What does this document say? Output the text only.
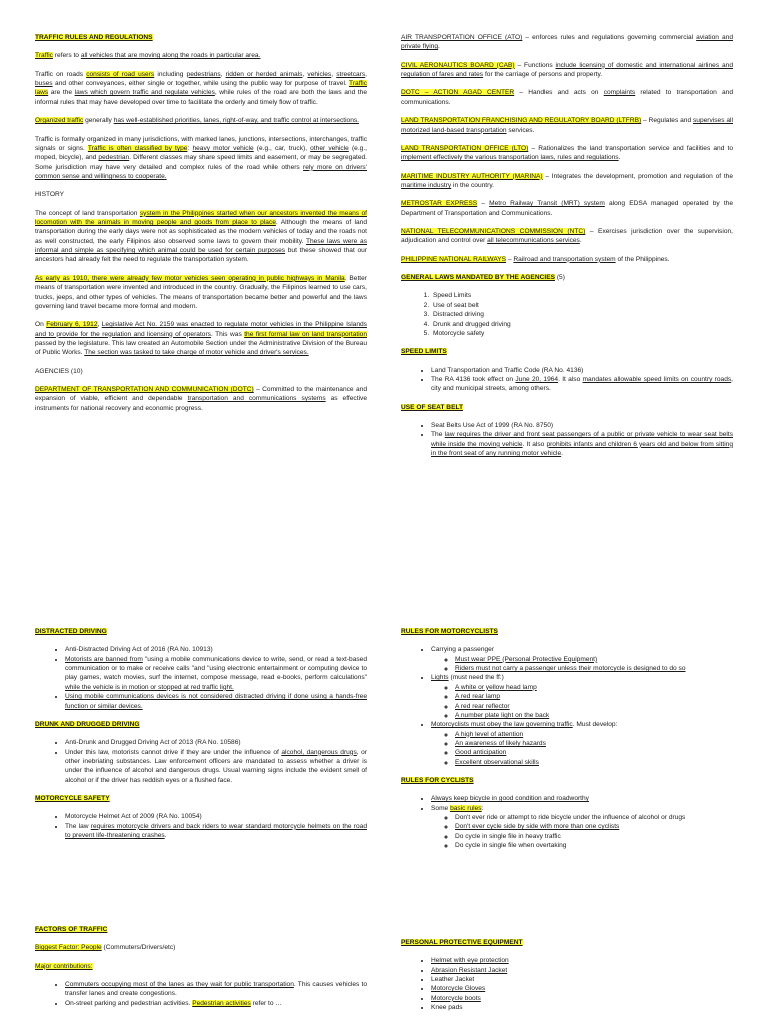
TRAFFIC RULES AND REGULATIONS

Traffic refers to all vehicles that are moving along the roads in particular area.

Traffic on roads consists of road users including pedestrians, ridden or herded animals, vehicles, streetcars, buses and other conveyances, either single or together, while using the public way for purpose of travel. Traffic laws are the laws which govern traffic and regulate vehicles, while rules of the road are both the laws and the informal rules that may have developed over time to facilitate the orderly and timely flow of traffic.

Organized traffic generally has well-established priorities, lanes, right-of-way, and traffic control at intersections.

Traffic is formally organized in many jurisdictions, with marked lanes, junctions, intersections, interchanges, traffic signals or signs. Traffic is often classified by type: heavy motor vehicle (e.g., car, truck), other vehicle (e.g., moped, bicycle), and pedestrian. Different classes may share speed limits and easement, or may be segregated. Some jurisdiction may have very detailed and complex rules of the road while others rely more on drivers' common sense and willingness to cooperate.

HISTORY

The concept of land transportation system in the Philippines started when our ancestors invented the means of locomotion with the animals in moving people and goods from place to place. Although the means of land transportation during the early days were not as sophisticated as the modern vehicles of today and the roads not as well constructed, the early Filipinos also observed some laws to govern their mobility. These laws were as informal and simple as specifying which animal could be used for certain purposes but these showed that our ancestors had already felt the need to regulate the transportation system.

As early as 1910, there were already few motor vehicles seen operating in public highways in Manila. Better means of transportation were invented and introduced in the country. Gradually, the Filipinos learned to use cars, trucks, jeeps, and other types of vehicles. The means of transportation became better and powerful and the laws governing land travel became more formal and modern.

On February 6, 1912, Legislative Act No. 2159 was enacted to regulate motor vehicles in the Philippine Islands and to provide for the regulation and licensing of operators. This was the first formal law on land transportation passed by the legislature. This law created an Automobile Section under the Administrative Division of the Bureau of Public Works. The section was tasked to take charge of motor vehicle and driver's services.

AGENCIES (10)

DEPARTMENT OF TRANSPORTATION AND COMMUNICATION (DOTC) – Committed to the maintenance and expansion of viable, efficient and dependable transportation and communications systems as effective instruments for national recovery and economic progress.

AIR TRANSPORTATION OFFICE (ATO) – enforces rules and regulations governing commercial aviation and private flying.

CIVIL AERONAUTICS BOARD (CAB) – Functions include licensing of domestic and international airlines and regulation of fares and rates for the carriage of persons and property.

DOTC – ACTION AGAD CENTER – Handles and acts on complaints related to transportation and communications.

LAND TRANSPORTATION FRANCHISING AND REGULATORY BOARD (LTFRB) – Regulates and supervises all motorized land-based transportation services.

LAND TRANSPORTATION OFFICE (LTO) – Rationalizes the land transportation service and facilities and to implement effectively the various transportation laws, rules and regulations.

MARITIME INDUSTRY AUTHORITY (MARINA) – Integrates the development, promotion and regulation of the maritime industry in the country.

METROSTAR EXPRESS – Metro Railway Transit (MRT) system along EDSA managed operated by the Department of Transportation and Communications.

NATIONAL TELECOMMUNICATIONS COMMISSION (NTC) – Exercises jurisdiction over the supervision, adjudication and control over all telecommunications services.

PHILIPPINE NATIONAL RAILWAYS – Railroad and transportation system of the Philippines.

GENERAL LAWS MANDATED BY THE AGENCIES (5)
1. Speed Limits
2. Use of seat belt
3. Distracted driving
4. Drunk and drugged driving
5. Motorcycle safety
SPEED LIMITS
• Land Transportation and Traffic Code (RA No. 4136)
• The RA 4136 took effect on June 20, 1964. It also mandates allowable speed limits on country roads, city and municipal streets, among others.
USE OF SEAT BELT
• Seat Belts Use Act of 1999 (RA No. 8750)
• The law requires the driver and front seat passengers of a public or private vehicle to wear seat belts while inside the moving vehicle. It also prohibits infants and children 6 years old and below from sitting in the front seat of any running motor vehicle.
DISTRACTED DRIVING
• Anti-Distracted Driving Act of 2016 (RA No. 10913)
• Motorists are banned from "using a mobile communications device to write, send, or read a text-based communication or to make or receive calls "and "using electronic entertainment or computing device to play games, watch movies, surf the internet, compose message, read e-books, perform calculations" while the vehicle is in motion or stopped at red traffic light.
• Using mobile communications devices is not considered distracted driving if done using a hands-free function or similar devices.
DRUNK AND DRUGGED DRIVING
• Anti-Drunk and Drugged Driving Act of 2013 (RA No. 10586)
• Under this law, motorists cannot drive if they are under the influence of alcohol, dangerous drugs, or other inebriating substances. Law enforcement officers are mandated to assess whether a driver is under the influence of alcohol and dangerous drugs. Usual warning signs include the evident smell of alcohol or if the driver has reddish eyes or a flushed face.
MOTORCYCLE SAFETY
• Motorcycle Helmet Act of 2009 (RA No. 10054)
• The law requires motorcycle drivers and back riders to wear standard motorcycle helmets on the road to prevent life-threatening crashes.
RULES FOR MOTORCYCLISTS
• Carrying a passenger
◦ Must wear PPE (Personal Protective Equipment)
◦ Riders must not carry a passenger unless their motorcycle is designed to do so
• Lights (must need the ff:)
◦ A white or yellow head lamp
◦ A red rear lamp
◦ A red rear reflector
◦ A number plate light on the back
• Motorcyclists must obey the law governing traffic. Must develop:
◦ A high level of attention
◦ An awareness of likely hazards
◦ Good anticipation
◦ Excellent observational skills
RULES FOR CYCLISTS
• Always keep bicycle in good condition and roadworthy
• Some basic rules:
◦ Don't ever ride or attempt to ride bicycle under the influence of alcohol or drugs
◦ Don't ever cycle side by side with more than one cyclists
◦ Do cycle in single file in heavy traffic
◦ Do cycle in single file when overtaking
FACTORS OF TRAFFIC

Biggest Factor: People (Commuters/Drivers/etc)

Major contributions:

• Commuters occupying most of the lanes as they wait for public transportation. This causes vehicles to transfer lanes and create congestions.
• On-street parking and pedestrian activities. Pedestrian activities refer to …
PERSONAL PROTECTIVE EQUIPMENT
• Helmet with eye protection
• Abrasion Resistant Jacket
• Leather Jacket
• Motorcycle Gloves
• Motorcycle boots
• Knee pads
